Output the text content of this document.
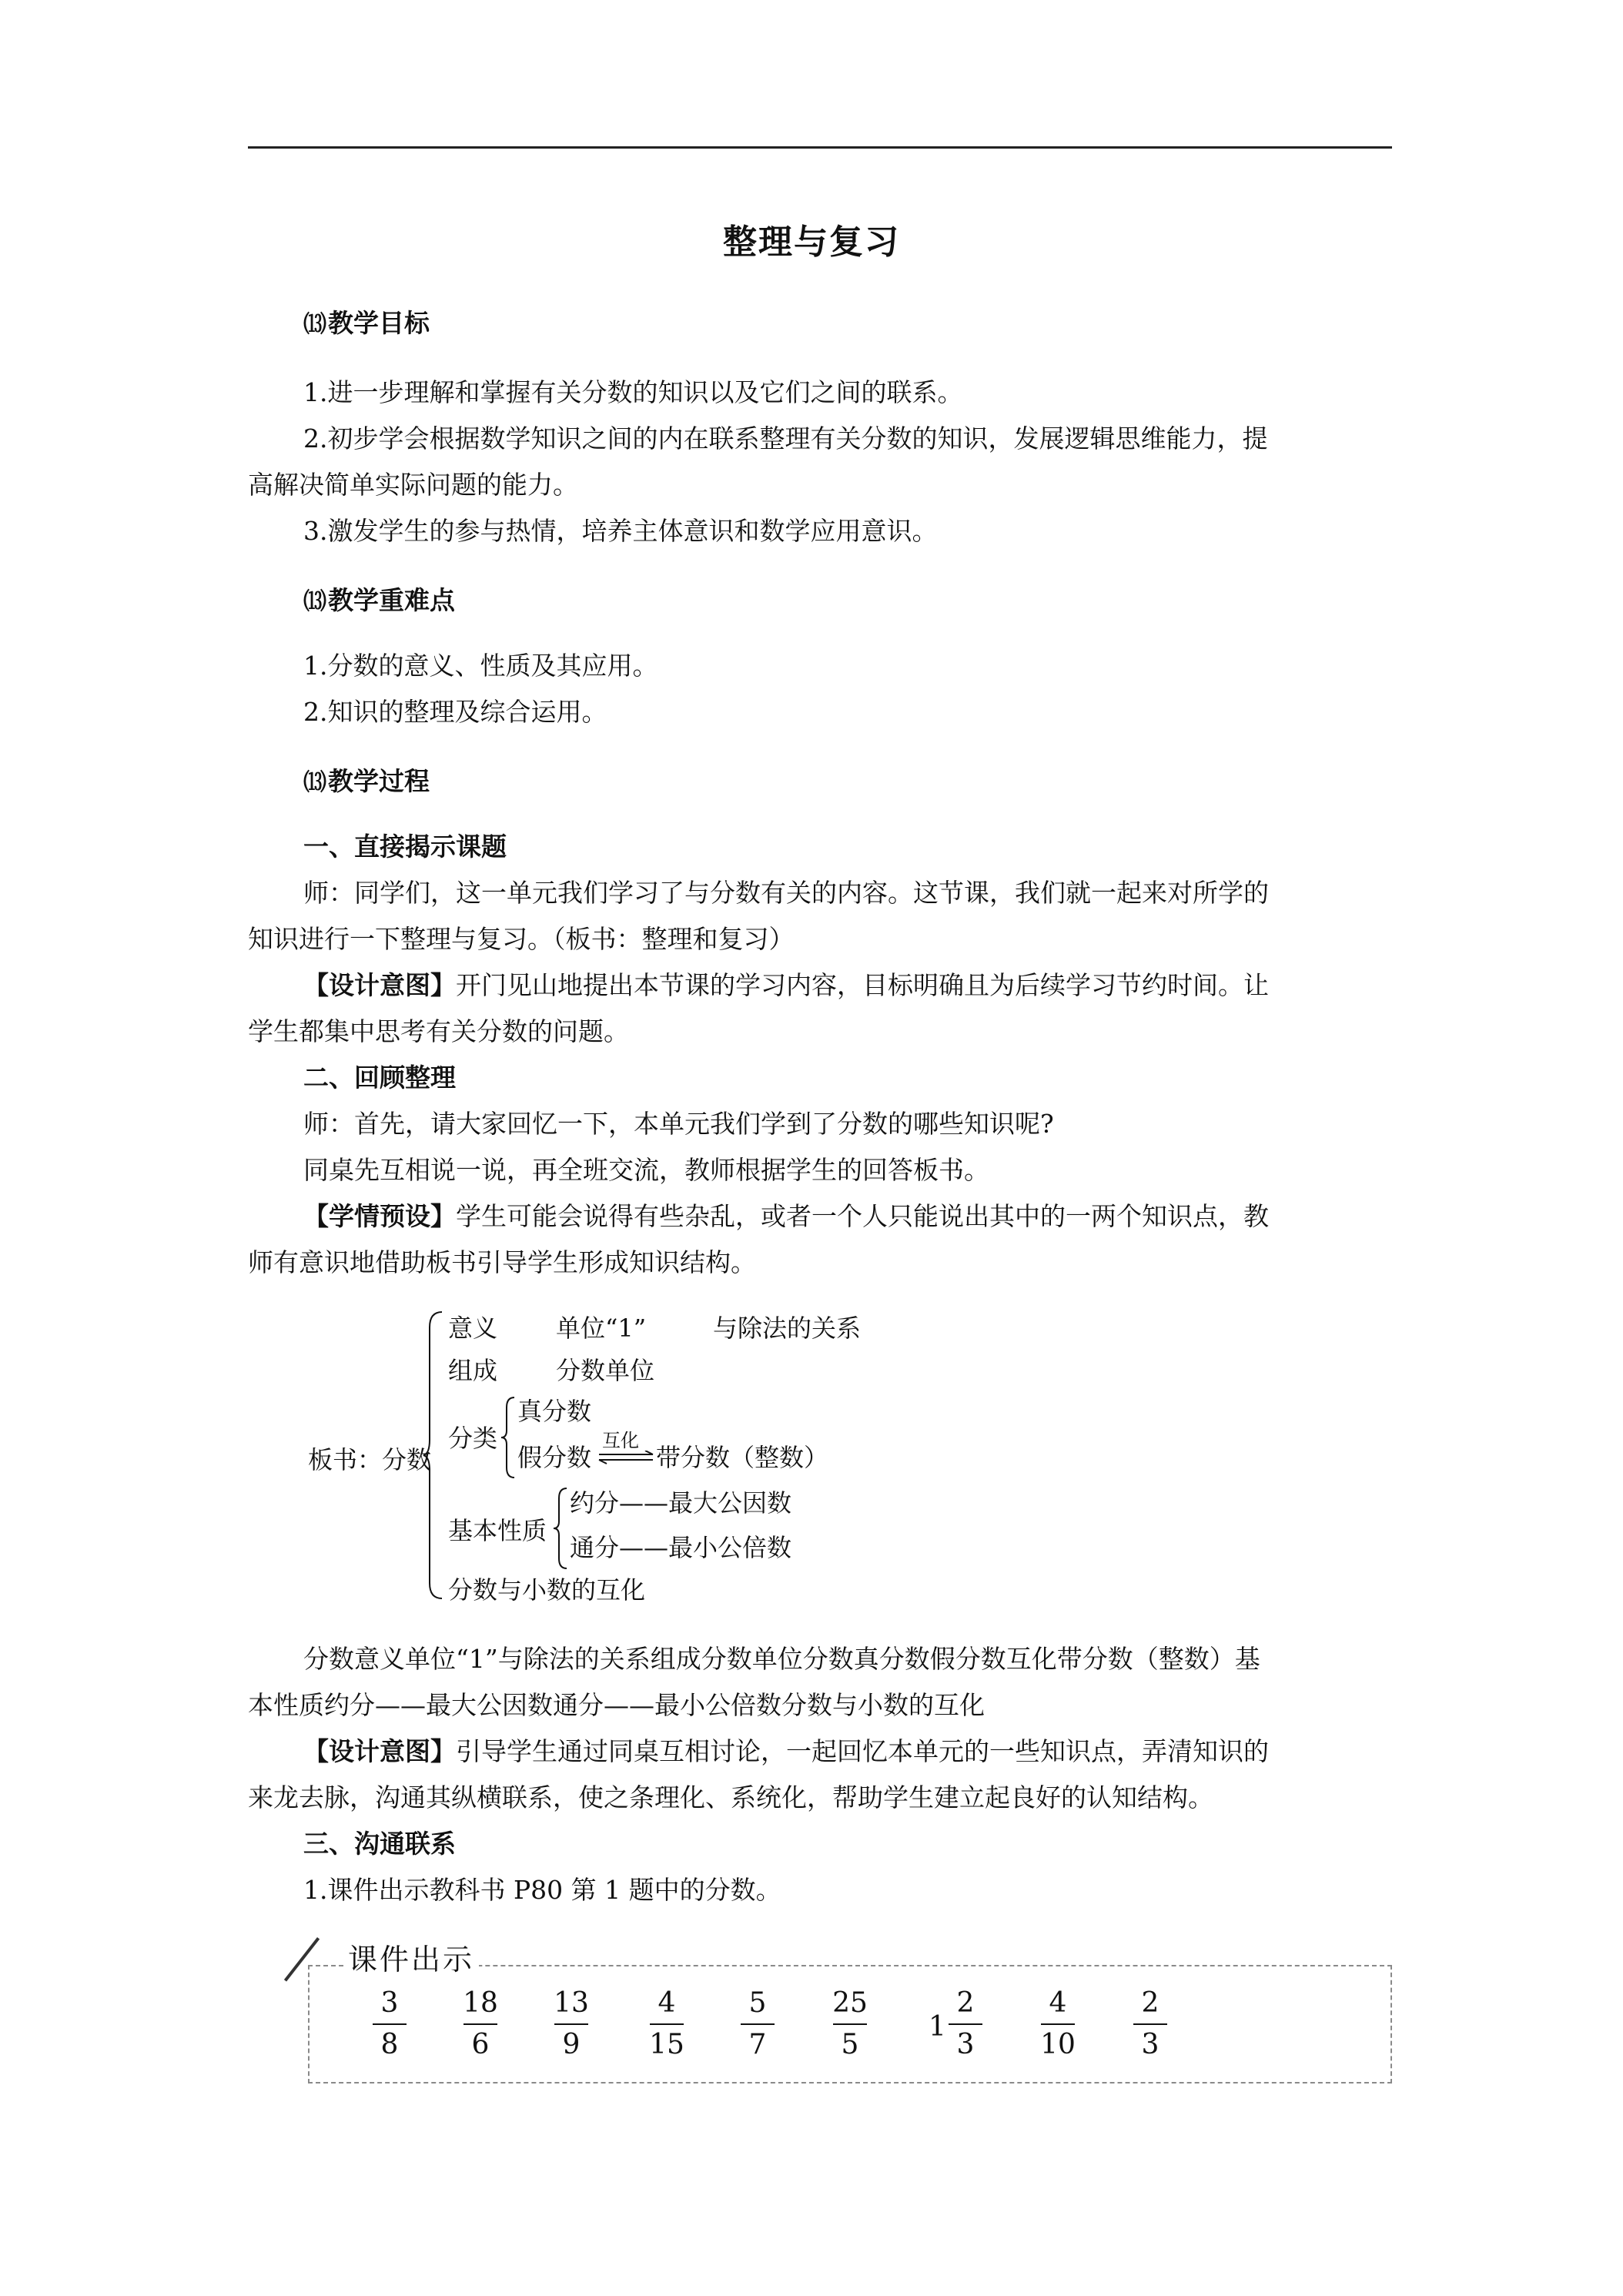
整理与复习
⒀教学目标
1.进一步理解和掌握有关分数的知识以及它们之间的联系。
2.初步学会根据数学知识之间的内在联系整理有关分数的知识，发展逻辑思维能力，提
高解决简单实际问题的能力。
3.激发学生的参与热情，培养主体意识和数学应用意识。
⒀教学重难点
1.分数的意义、性质及其应用。
2.知识的整理及综合运用。
⒀教学过程
一、直接揭示课题
师：同学们，这一单元我们学习了与分数有关的内容。这节课，我们就一起来对所学的
知识进行一下整理与复习。（板书：整理和复习）
【设计意图】开门见山地提出本节课的学习内容，目标明确且为后续学习节约时间。让
学生都集中思考有关分数的问题。
二、回顾整理
师：首先，请大家回忆一下，本单元我们学到了分数的哪些知识呢?
同桌先互相说一说，再全班交流，教师根据学生的回答板书。
【学情预设】学生可能会说得有些杂乱，或者一个人只能说出其中的一两个知识点，教
师有意识地借助板书引导学生形成知识结构。
板书：分数
意义 单位“1”	与除法的关系
组成 分数单位
分类
真分数
假分数
互化
带分数（整数）
基本性质
约分——最大公因数
通分——最小公倍数
分数与小数的互化
分数意义单位“1”与除法的关系组成分数单位分数真分数假分数互化带分数（整数）基
本性质约分——最大公因数通分——最小公倍数分数与小数的互化
【设计意图】引导学生通过同桌互相讨论，一起回忆本单元的一些知识点，弄清知识的
来龙去脉，沟通其纵横联系，使之条理化、系统化，帮助学生建立起良好的认知结构。
三、沟通联系
1.课件出示教科书 P80 第 1 题中的分数。
课件出示
3
8
18
6
13
9
4
15
5
7
25
5
1
2
3
4
10
2
3
